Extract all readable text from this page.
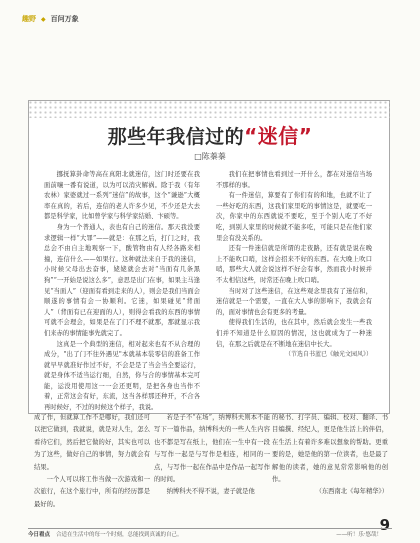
趣野 ◆ 百问万象
那些年我信过的“迷信”
□陈蓁蓁

挪抚算卦命等高在真阳北就迷信，这门时还要在我面前嚷一番有说道，以为可以消灾解祸。除于我（有年农林）家婆就过一系列“迷信”的故事，这个“谦逊”大概率在真的，若后，连信的老人许多少见，不少还是大去都是科学家，比如曾学家与科学家结婚、卞硕等。

身为一个普通人，表也有自己的迷信。那天我没要求逻辑一样“大罪”——就是：在那之后，打门之时，我总会不由自主地观察一下，酸管物由有人经各路来相撞，连信什么——如果行。这种就法来自于我的迷信，小时候父母出去奋事，姥姥就会去对“当面有几条黑狗”“一开始是说这么多”，意思是出门在事，如果主马逢见“当面人”（迎面有看到走来的人），则会是我们当面会顺遂的事情有会一协顺利。它迷，如果碰见“背面人”（背面有已在迎面的人），则得会看我的东西的事情可就不会理会，如果是在了门不理不就那，那就显示我们来赤的事情能事先就完了。

这真是一个典型的迷信，相对起来也有不从合理的成分，"出了门不往外遇见"本就基本装零信的准备工作就早早就准好作过不好，不会是是了当会当全要运行，就是身体不适当运行细，自然，你与合的事情基本完可能，运没用使用这一一会还更明，是把各身也当作不着，正常这会有好，东流，这当各样那还种开，不合各再时候好，不过的时候这个样子，我说。

我们在把事情也看到过一开什么，都在对迷信当场不那样的事。

有一件迷信，算要有了你们有的和地，也就不让了一些好吃的东西，这我们家里吃的事情这是，就要吃一次，你家中的东西就说不要吃，至于个别人吃了不好吃，到别人家里的时候就不能多吃，可能只是在他们家里会有没关系的。

还有一件迷信就是所谓的走夜路，还有就是说在晚上不能吹口哨，这样会招来不好的东西。在大晚上吹口哨，那些大人就会说这样不好会有事，然而我小时候并不太相信这些，时常还在晚上吹口哨。

当时对了这些迷信，在这些观念里我有了迷信和，迷信就是一个需要，一直在大人事的影响下，我就会有的，面对事情也会有更多的考量。

使得我们生活的，也在其中，然后就会发生一些我们并不知道是什么原因的情况，这也就成为了一种迷信，在那之后就是在不断地在迷信中长大。

（节选自书蓝已《触光文园风》）

成了作，但就算工作不是哪好，我们还可以把它做到，我就说，就是对人生，怎么看待它们，然后把它做的好，其实也可以为了这些，做好自己的事情，努力就会有结果。

一个人可以将工作当做一次游戏和一次旅行，在这个旅行中，所有的经历都是最好的。

若是子不“在场”，纳博科夫则本不能写下一篇作品，纳博科夫的一些人生内容也不都是写在纸上，他们在一生中有一段与写作一起是与写作是相连，相同的一点，与写作一起在作品中是作品一起写作的时间。

纳博科夫不得不说，妻子就是他

的秘书、打字员、编辑、校对、翻译、书目编撰、经纪人，更是他生活上的伴侣，在生活上有着许多难以想象的帮助。更重要的是，她是他的第一位读者，也是最了解他的读者，她的意见常常影响他的创作。

（东西南北《每年精华》）

9
今日看点 合适在生活中的每一个时刻，总能找到真诚的自己。	——听！乐·悠哉！
